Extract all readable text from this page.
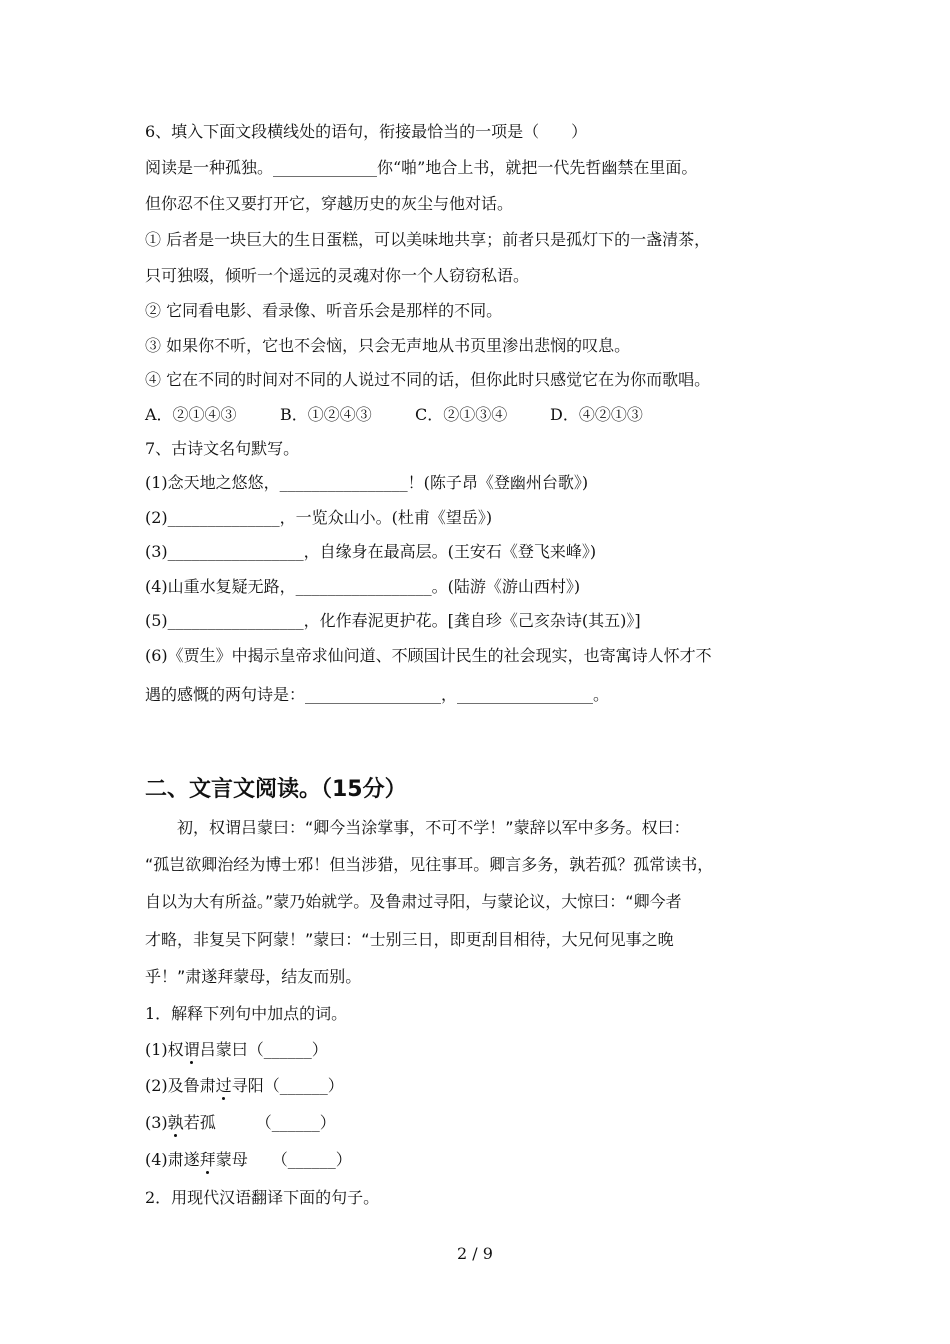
6、填入下面文段横线处的语句，衔接最恰当的一项是（　　）
阅读是一种孤独。_____________你“啪”地合上书，就把一代先哲幽禁在里面。
但你忍不住又要打开它，穿越历史的灰尘与他对话。
① 后者是一块巨大的生日蛋糕，可以美味地共享；前者只是孤灯下的一盏清茶，
只可独啜，倾听一个遥远的灵魂对你一个人窃窃私语。
② 它同看电影、看录像、听音乐会是那样的不同。
③ 如果你不听，它也不会恼，只会无声地从书页里渗出悲悯的叹息。
④ 它在不同的时间对不同的人说过不同的话，但你此时只感觉它在为你而歌唱。
A．②①④③	B．①②④③	C．②①③④	D．④②①③
7、古诗文名句默写。
(1)念天地之悠悠，________________！(陈子昂《登幽州台歌》)
(2)______________，一览众山小。(杜甫《望岳》)
(3)_________________，自缘身在最高层。(王安石《登飞来峰》)
(4)山重水复疑无路，_________________。(陆游《游山西村》)
(5)_________________，化作春泥更护花。[龚自珍《己亥杂诗(其五)》]
(6)《贾生》中揭示皇帝求仙问道、不顾国计民生的社会现实，也寄寓诗人怀才不
遇的感慨的两句诗是：_________________，_________________。
二、文言文阅读。（15分）
　　初，权谓吕蒙曰：“卿今当涂掌事，不可不学！”蒙辞以军中多务。权曰：
“孤岂欲卿治经为博士邪！但当涉猎，见往事耳。卿言多务，孰若孤？孤常读书，
自以为大有所益。”蒙乃始就学。及鲁肃过寻阳，与蒙论议，大惊曰：“卿今者
才略，非复吴下阿蒙！”蒙曰：“士别三日，即更刮目相待，大兄何见事之晚
乎！”肃遂拜蒙母，结友而别。
1．解释下列句中加点的词。
(1)权谓吕蒙曰（______）
(2)及鲁肃过寻阳（______）
(3)孰若孤　　　（______）
(4)肃遂拜蒙母　　（______）
2．用现代汉语翻译下面的句子。
2 / 9
